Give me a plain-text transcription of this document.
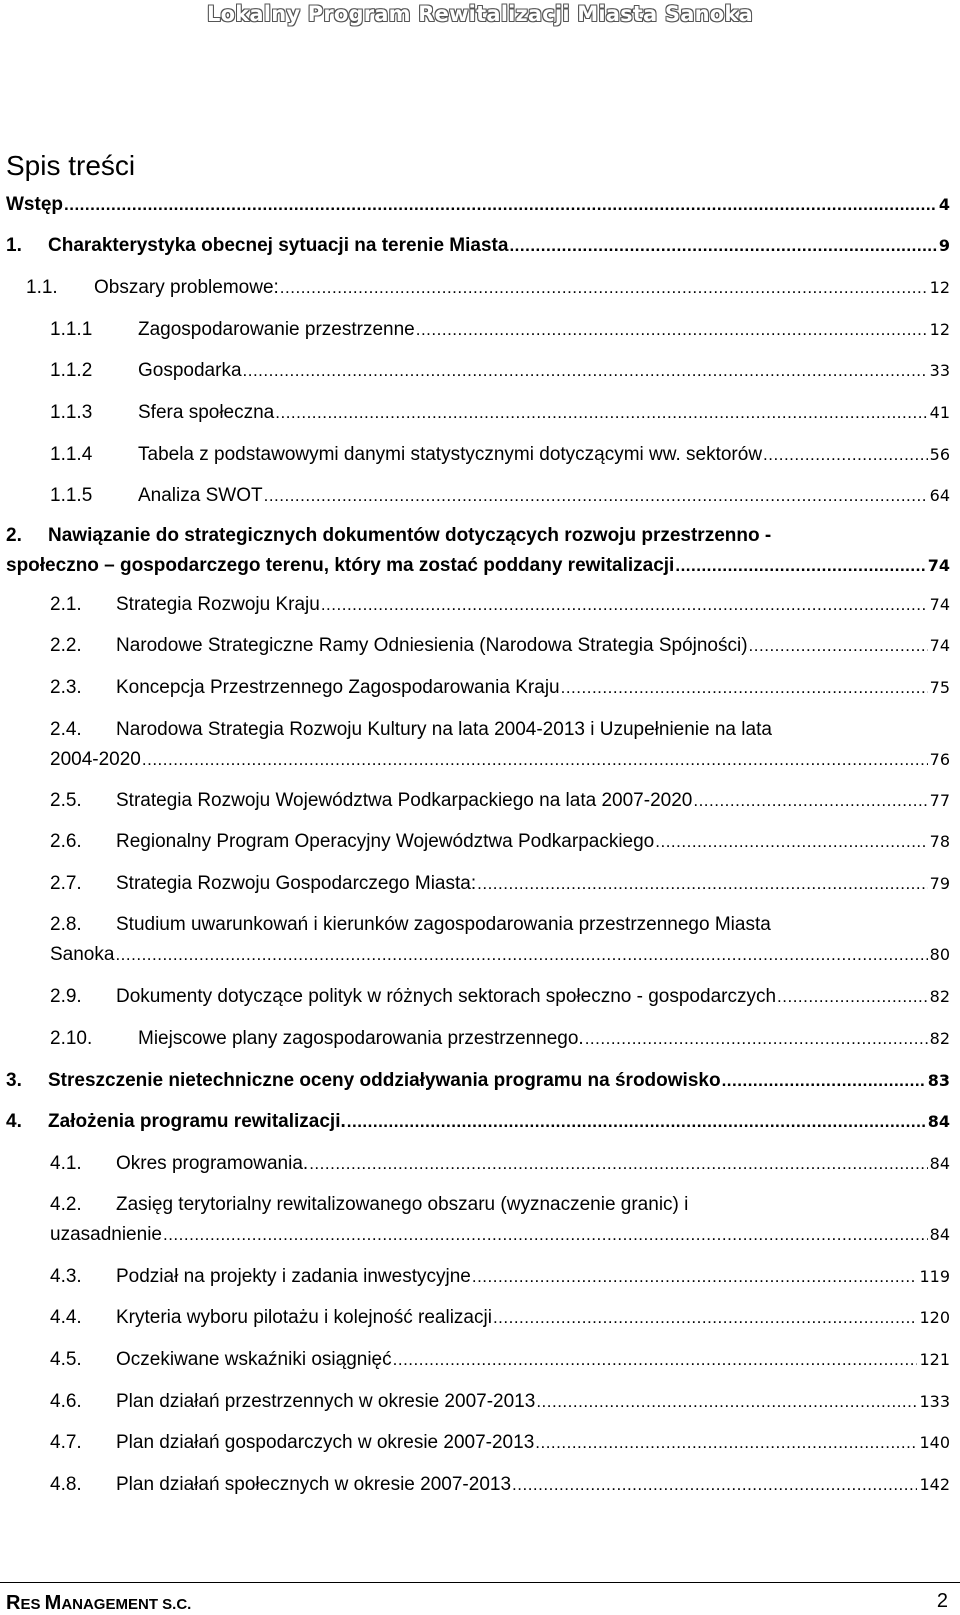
Lokalny Program Rewitalizacji Miasta Sanoka
Spis treści
Wstęp .....	4
1.	Charakterystyka obecnej sytuacji na terenie Miasta .....	9
1.1.	Obszary problemowe: .....	12
1.1.1	Zagospodarowanie przestrzenne .....	12
1.1.2	Gospodarka .....	33
1.1.3	Sfera społeczna .....	41
1.1.4	Tabela z podstawowymi danymi statystycznymi dotyczącymi ww. sektorów .....	56
1.1.5	Analiza SWOT .....	64
2.	Nawiązanie do strategicznych dokumentów dotyczących rozwoju przestrzenno -
społeczno – gospodarczego terenu, który ma zostać poddany rewitalizacji .....	74
2.1.	Strategia Rozwoju Kraju .....	74
2.2.	Narodowe Strategiczne Ramy Odniesienia (Narodowa Strategia Spójności) .....	74
2.3.	Koncepcja Przestrzennego Zagospodarowania Kraju .....	75
2.4.	Narodowa Strategia Rozwoju Kultury na lata 2004-2013 i Uzupełnienie na lata
2004-2020 .....	76
2.5.	Strategia Rozwoju Województwa Podkarpackiego na lata 2007-2020 .....	77
2.6.	Regionalny Program Operacyjny Województwa Podkarpackiego .....	78
2.7.	Strategia Rozwoju Gospodarczego Miasta: .....	79
2.8.	Studium uwarunkowań i kierunków zagospodarowania przestrzennego Miasta
Sanoka .....	80
2.9.	Dokumenty dotyczące polityk w różnych sektorach społeczno - gospodarczych .....	82
2.10.	Miejscowe plany zagospodarowania przestrzennego. .....	82
3.	Streszczenie nietechniczne oceny oddziaływania programu na środowisko .....	83
4.	Założenia programu rewitalizacji. .....	84
4.1.	Okres programowania. .....	84
4.2.	Zasięg terytorialny rewitalizowanego obszaru (wyznaczenie granic) i
uzasadnienie .....	84
4.3.	Podział na projekty i zadania inwestycyjne .....	119
4.4.	Kryteria wyboru pilotażu i kolejność realizacji .....	120
4.5.	Oczekiwane wskaźniki osiągnięć .....	121
4.6.	Plan działań przestrzennych w okresie 2007-2013 .....	133
4.7.	Plan działań gospodarczych w okresie 2007-2013 .....	140
4.8.	Plan działań społecznych w okresie 2007-2013 .....	142
RES MANAGEMENT S.C.	2
